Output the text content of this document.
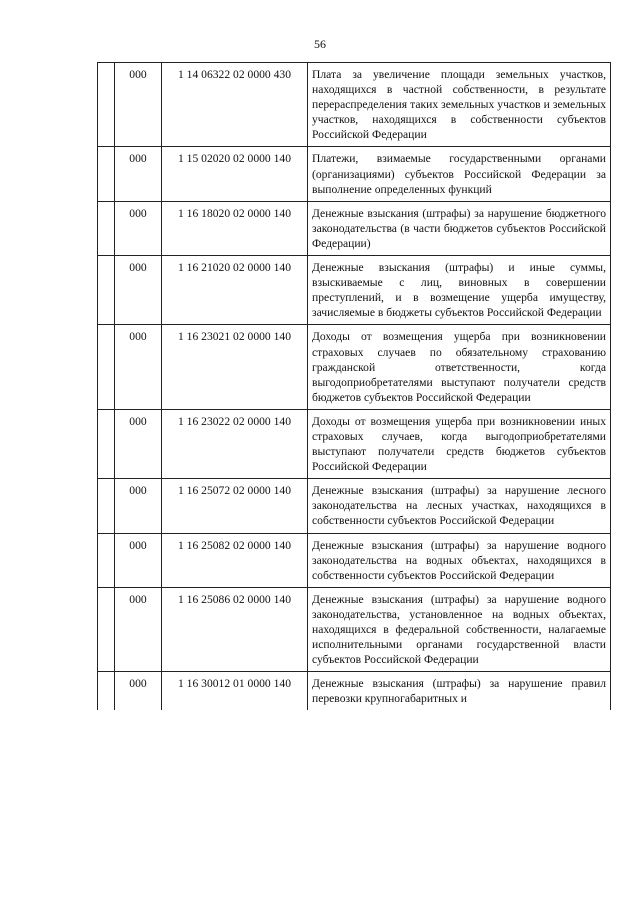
56
	000	1 14 06322 02 0000 430	Плата за увеличение площади земельных участков, находящихся в частной собственности, в результате перераспределения таких земельных участков и земельных участков, находящихся в собственности субъектов Российской Федерации
	000	1 15 02020 02 0000 140	Платежи, взимаемые государственными органами (организациями) субъектов Российской Федерации за выполнение определенных функций
	000	1 16 18020 02 0000 140	Денежные взыскания (штрафы) за нарушение бюджетного законодательства (в части бюджетов субъектов Российской Федерации)
	000	1 16 21020 02 0000 140	Денежные взыскания (штрафы) и иные суммы, взыскиваемые с лиц, виновных в совершении преступлений, и в возмещение ущерба имуществу, зачисляемые в бюджеты субъектов Российской Федерации
	000	1 16 23021 02 0000 140	Доходы от возмещения ущерба при возникновении страховых случаев по обязательному страхованию гражданской ответственности, когда выгодоприобретателями выступают получатели средств бюджетов субъектов Российской Федерации
	000	1 16 23022 02 0000 140	Доходы от возмещения ущерба при возникновении иных страховых случаев, когда выгодоприобретателями выступают получатели средств бюджетов субъектов Российской Федерации
	000	1 16 25072 02 0000 140	Денежные взыскания (штрафы) за нарушение лесного законодательства на лесных участках, находящихся в собственности субъектов Российской Федерации
	000	1 16 25082 02 0000 140	Денежные взыскания (штрафы) за нарушение водного законодательства на водных объектах, находящихся в собственности субъектов Российской Федерации
	000	1 16 25086 02 0000 140	Денежные взыскания (штрафы) за нарушение водного законодательства, установленное на водных объектах, находящихся в федеральной собственности, налагаемые исполнительными органами государственной власти субъектов Российской Федерации
	000	1 16 30012 01 0000 140	Денежные взыскания (штрафы) за нарушение правил перевозки крупногабаритных и
